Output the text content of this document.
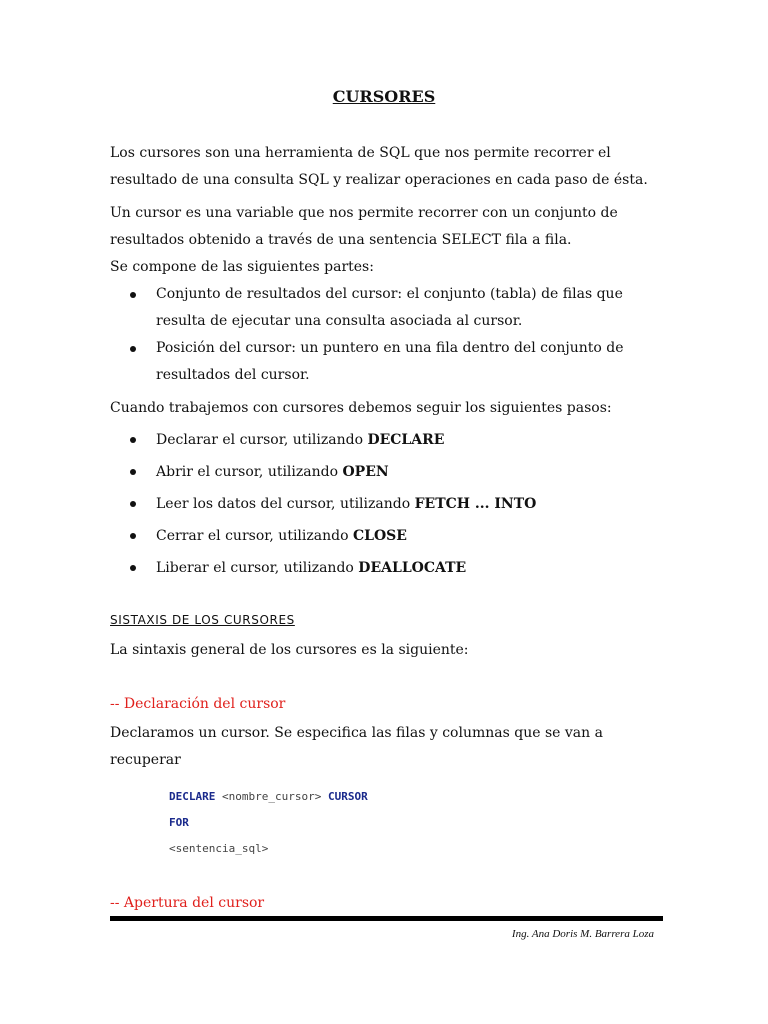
CURSORES

Los cursores son una herramienta de SQL que nos permite recorrer el

resultado de una consulta SQL y realizar operaciones en cada paso de ésta.

Un cursor es una variable que nos permite recorrer con un conjunto de

resultados obtenido a través de una sentencia SELECT fila a fila.

Se compone de las siguientes partes:

Conjunto de resultados del cursor: el conjunto (tabla) de filas que
resulta de ejecutar una consulta asociada al cursor.
Posición del cursor: un puntero en una fila dentro del conjunto de
resultados del cursor.

Cuando trabajemos con cursores debemos seguir los siguientes pasos:

Declarar el cursor, utilizando DECLARE
Abrir el cursor, utilizando OPEN
Leer los datos del cursor, utilizando FETCH ... INTO
Cerrar el cursor, utilizando CLOSE
Liberar el cursor, utilizando DEALLOCATE
SISTAXIS DE LOS CURSORES

La sintaxis general de los cursores es la siguiente:

-- Declaración del cursor

Declaramos un cursor. Se especifica las filas y columnas que se van a

recuperar

DECLARE <nombre_cursor> CURSOR
FOR
<sentencia_sql>
-- Apertura del cursor
Ing. Ana Doris M. Barrera Loza
